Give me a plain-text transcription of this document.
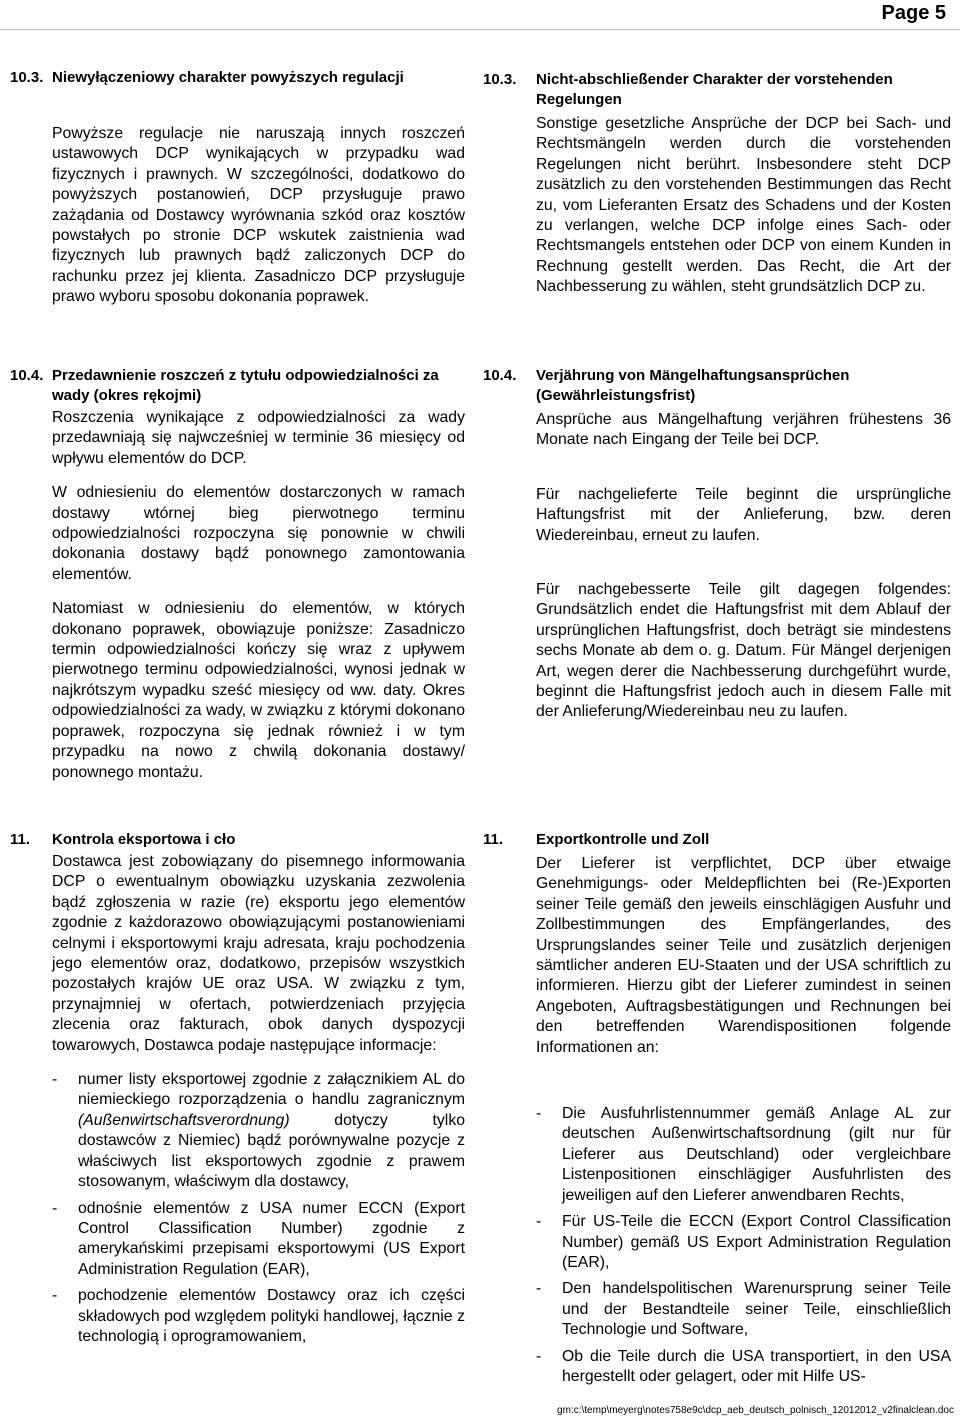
Page 5
10.3. Niewyłączeniowy charakter powyższych regulacji

Powyższe regulacje nie naruszają innych roszczeń ustawowych DCP wynikających w przypadku wad fizycznych i prawnych. W szczególności, dodatkowo do powyższych postanowień, DCP przysługuje prawo zażądania od Dostawcy wyrównania szkód oraz kosztów powstałych po stronie DCP wskutek zaistnienia wad fizycznych lub prawnych bądź zaliczonych DCP do rachunku przez jej klienta. Zasadniczo DCP przysługuje prawo wyboru sposobu dokonania poprawek.

10.3. Nicht-abschließender Charakter der vorstehenden Regelungen

Sonstige gesetzliche Ansprüche der DCP bei Sach- und Rechtsmängeln werden durch die vorstehenden Regelungen nicht berührt. Insbesondere steht DCP zusätzlich zu den vorstehenden Bestimmungen das Recht zu, vom Lieferanten Ersatz des Schadens und der Kosten zu verlangen, welche DCP infolge eines Sach- oder Rechtsmangels entstehen oder DCP von einem Kunden in Rechnung gestellt werden. Das Recht, die Art der Nachbesserung zu wählen, steht grundsätzlich DCP zu.

10.4. Przedawnienie roszczeń z tytułu odpowiedzialności za wady (okres rękojmi)

Roszczenia wynikające z odpowiedzialności za wady przedawniają się najwcześniej w terminie 36 miesięcy od wpływu elementów do DCP.

W odniesieniu do elementów dostarczonych w ramach dostawy wtórnej bieg pierwotnego terminu odpowiedzialności rozpoczyna się ponownie w chwili dokonania dostawy bądź ponownego zamontowania elementów.

Natomiast w odniesieniu do elementów, w których dokonano poprawek, obowiązuje poniższe: Zasadniczo termin odpowiedzialności kończy się wraz z upływem pierwotnego terminu odpowiedzialności, wynosi jednak w najkrótszym wypadku sześć miesięcy od ww. daty. Okres odpowiedzialności za wady, w związku z którymi dokonano poprawek, rozpoczyna się jednak również i w tym przypadku na nowo z chwilą dokonania dostawy/ ponownego montażu.

10.4. Verjährung von Mängelhaftungsansprüchen (Gewährleistungsfrist)

Ansprüche aus Mängelhaftung verjähren frühestens 36 Monate nach Eingang der Teile bei DCP.

Für nachgelieferte Teile beginnt die ursprüngliche Haftungsfrist mit der Anlieferung, bzw. deren Wiedereinbau, erneut zu laufen.

Für nachgebesserte Teile gilt dagegen folgendes: Grundsätzlich endet die Haftungsfrist mit dem Ablauf der ursprünglichen Haftungsfrist, doch beträgt sie mindestens sechs Monate ab dem o. g. Datum. Für Mängel derjenigen Art, wegen derer die Nachbesserung durchgeführt wurde, beginnt die Haftungsfrist jedoch auch in diesem Falle mit der Anlieferung/Wiedereinbau neu zu laufen.

11. Kontrola eksportowa i cło

Dostawca jest zobowiązany do pisemnego informowania DCP o ewentualnym obowiązku uzyskania zezwolenia bądź zgłoszenia w razie (re) eksportu jego elementów zgodnie z każdorazowo obowiązującymi postanowieniami celnymi i eksportowymi kraju adresata, kraju pochodzenia jego elementów oraz, dodatkowo, przepisów wszystkich pozostałych krajów UE oraz USA. W związku z tym, przynajmniej w ofertach, potwierdzeniach przyjęcia zlecenia oraz fakturach, obok danych dyspozycji towarowych, Dostawca podaje następujące informacje:

- numer listy eksportowej zgodnie z załącznikiem AL do niemieckiego rozporządzenia o handlu zagranicznym (Außenwirtschaftsverordnung) dotyczy tylko dostawców z Niemiec) bądź porównywalne pozycje z właściwych list eksportowych zgodnie z prawem stosowanym, właściwym dla dostawcy,
- odnośnie elementów z USA numer ECCN (Export Control Classification Number) zgodnie z amerykańskimi przepisami eksportowymi (US Export Administration Regulation (EAR),
- pochodzenie elementów Dostawcy oraz ich części składowych pod względem polityki handlowej, łącznie z technologią i oprogramowaniem,
11. Exportkontrolle und Zoll

Der Lieferer ist verpflichtet, DCP über etwaige Genehmigungs- oder Meldepflichten bei (Re-)Exporten seiner Teile gemäß den jeweils einschlägigen Ausfuhr und Zollbestimmungen des Empfängerlandes, des Ursprungslandes seiner Teile und zusätzlich derjenigen sämtlicher anderen EU-Staaten und der USA schriftlich zu informieren. Hierzu gibt der Lieferer zumindest in seinen Angeboten, Auftragsbestätigungen und Rechnungen bei den betreffenden Warendispositionen folgende Informationen an:

- Die Ausfuhrlistennummer gemäß Anlage AL zur deutschen Außenwirtschaftsordnung (gilt nur für Lieferer aus Deutschland) oder vergleichbare Listenpositionen einschlägiger Ausfuhrlisten des jeweiligen auf den Lieferer anwendbaren Rechts,
- Für US-Teile die ECCN (Export Control Classification Number) gemäß US Export Administration Regulation (EAR),
- Den handelspolitischen Warenursprung seiner Teile und der Bestandteile seiner Teile, einschließlich Technologie und Software,
- Ob die Teile durch die USA transportiert, in den USA hergestellt oder gelagert, oder mit Hilfe US-
gm:c:\temp\meyerg\notes758e9c\dcp_aeb_deutsch_polnisch_12012012_v2finalclean.doc
